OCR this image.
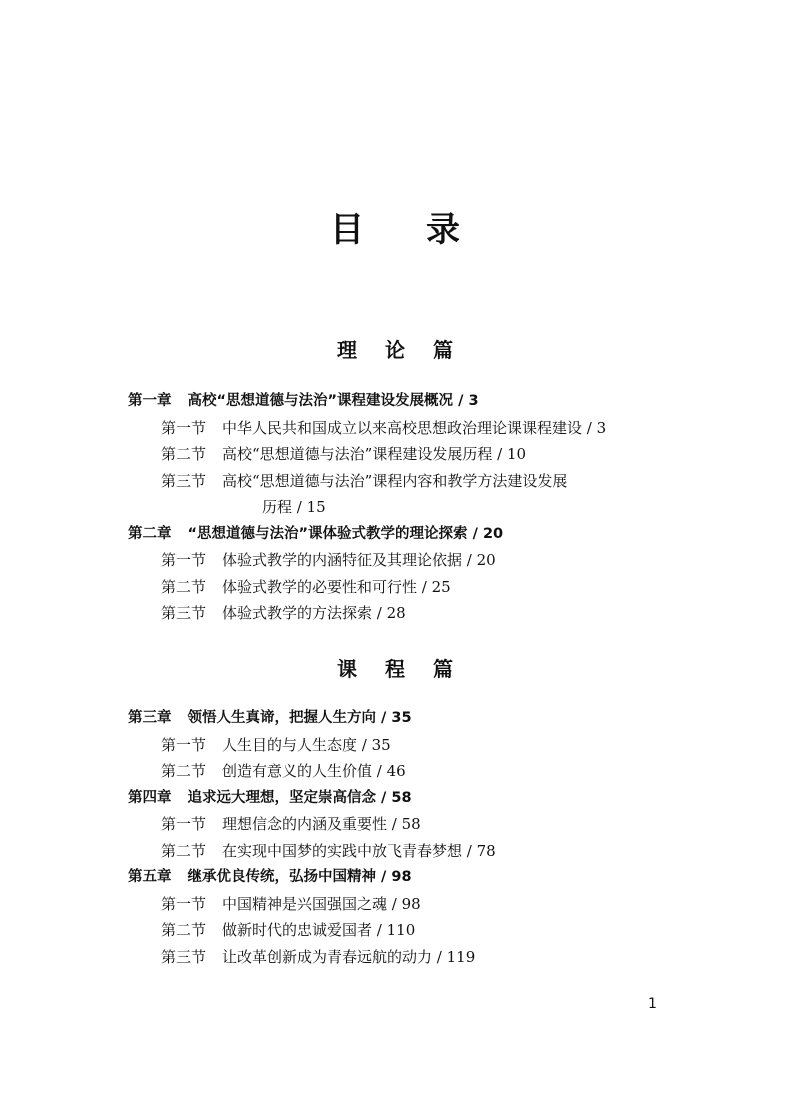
目录
理论篇
第一章 高校“思想道德与法治”课程建设发展概况 / 3
第一节 中华人民共和国成立以来高校思想政治理论课课程建设 / 3
第二节 高校“思想道德与法治”课程建设发展历程 / 10
第三节 高校“思想道德与法治”课程内容和教学方法建设发展
历程 / 15
第二章 “思想道德与法治”课体验式教学的理论探索 / 20
第一节 体验式教学的内涵特征及其理论依据 / 20
第二节 体验式教学的必要性和可行性 / 25
第三节 体验式教学的方法探索 / 28
课程篇
第三章 领悟人生真谛，把握人生方向 / 35
第一节 人生目的与人生态度 / 35
第二节 创造有意义的人生价值 / 46
第四章 追求远大理想，坚定崇高信念 / 58
第一节 理想信念的内涵及重要性 / 58
第二节 在实现中国梦的实践中放飞青春梦想 / 78
第五章 继承优良传统，弘扬中国精神 / 98
第一节 中国精神是兴国强国之魂 / 98
第二节 做新时代的忠诚爱国者 / 110
第三节 让改革创新成为青春远航的动力 / 119
1
